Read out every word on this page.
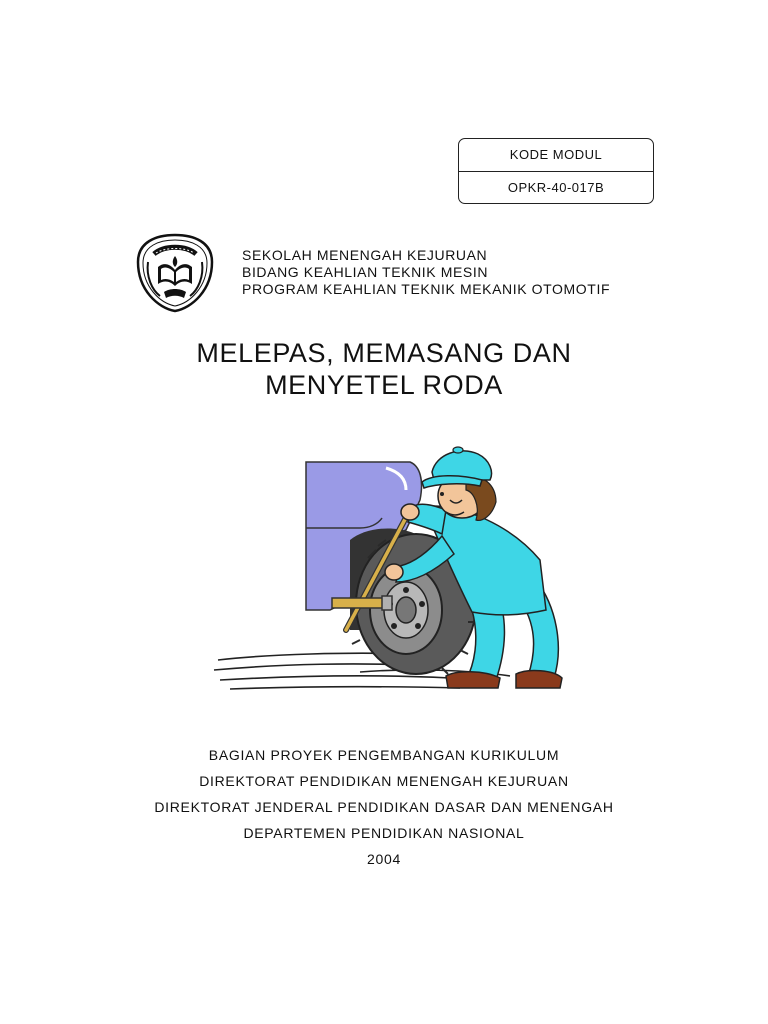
KODE MODUL
OPKR-40-017B
SEKOLAH MENENGAH KEJURUAN
BIDANG KEAHLIAN TEKNIK MESIN
PROGRAM KEAHLIAN TEKNIK MEKANIK OTOMOTIF
MELEPAS, MEMASANG DAN
MENYETEL RODA
BAGIAN PROYEK PENGEMBANGAN KURIKULUM
DIREKTORAT PENDIDIKAN MENENGAH KEJURUAN
DIREKTORAT JENDERAL PENDIDIKAN DASAR DAN MENENGAH
DEPARTEMEN PENDIDIKAN NASIONAL
2004
